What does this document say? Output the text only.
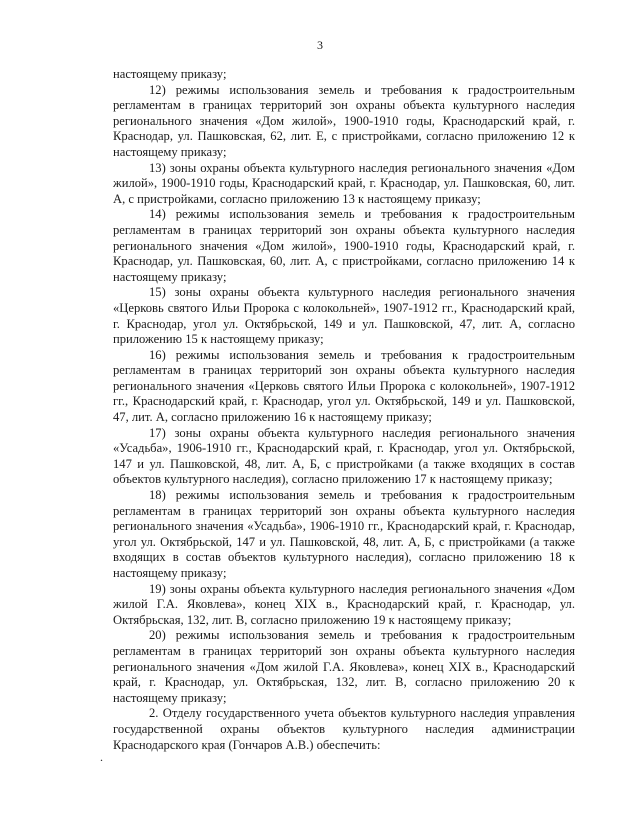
3

настоящему приказу;

12) режимы использования земель и требования к градостроительным регламентам в границах территорий зон охраны объекта культурного наследия регионального значения «Дом жилой», 1900-1910 годы, Краснодарский край, г. Краснодар, ул. Пашковская, 62, лит. Е, с пристройками, согласно приложению 12 к настоящему приказу;

13) зоны охраны объекта культурного наследия регионального значения «Дом жилой», 1900-1910 годы, Краснодарский край, г. Краснодар, ул. Пашковская, 60, лит. А, с пристройками, согласно приложению 13 к настоящему приказу;

14) режимы использования земель и требования к градостроительным регламентам в границах территорий зон охраны объекта культурного наследия регионального значения «Дом жилой», 1900-1910 годы, Краснодарский край, г. Краснодар, ул. Пашковская, 60, лит. А, с пристройками, согласно приложению 14 к настоящему приказу;

15) зоны охраны объекта культурного наследия регионального значения «Церковь святого Ильи Пророка с колокольней», 1907-1912 гг., Краснодарский край, г. Краснодар, угол ул. Октябрьской, 149 и ул. Пашковской, 47, лит. А, согласно приложению 15 к настоящему приказу;

16) режимы использования земель и требования к градостроительным регламентам в границах территорий зон охраны объекта культурного наследия регионального значения «Церковь святого Ильи Пророка с колокольней», 1907-1912 гг., Краснодарский край, г. Краснодар, угол ул. Октябрьской, 149 и ул. Пашковской, 47, лит. А, согласно приложению 16 к настоящему приказу;

17) зоны охраны объекта культурного наследия регионального значения «Усадьба», 1906-1910 гг., Краснодарский край, г. Краснодар, угол ул. Октябрьской, 147 и ул. Пашковской, 48, лит. А, Б, с пристройками (а также входящих в состав объектов культурного наследия), согласно приложению 17 к настоящему приказу;

18) режимы использования земель и требования к градостроительным регламентам в границах территорий зон охраны объекта культурного наследия регионального значения «Усадьба», 1906-1910 гг., Краснодарский край, г. Краснодар, угол ул. Октябрьской, 147 и ул. Пашковской, 48, лит. А, Б, с пристройками (а также входящих в состав объектов культурного наследия), согласно приложению 18 к настоящему приказу;

19) зоны охраны объекта культурного наследия регионального значения «Дом жилой Г.А. Яковлева», конец XIX в., Краснодарский край, г. Краснодар, ул. Октябрьская, 132, лит. В, согласно приложению 19 к настоящему приказу;

20) режимы использования земель и требования к градостроительным регламентам в границах территорий зон охраны объекта культурного наследия регионального значения «Дом жилой Г.А. Яковлева», конец XIX в., Краснодарский край, г. Краснодар, ул. Октябрьская, 132, лит. В, согласно приложению 20 к настоящему приказу;

2. Отделу государственного учета объектов культурного наследия управления государственной охраны объектов культурного наследия администрации Краснодарского края (Гончаров А.В.) обеспечить:

.
